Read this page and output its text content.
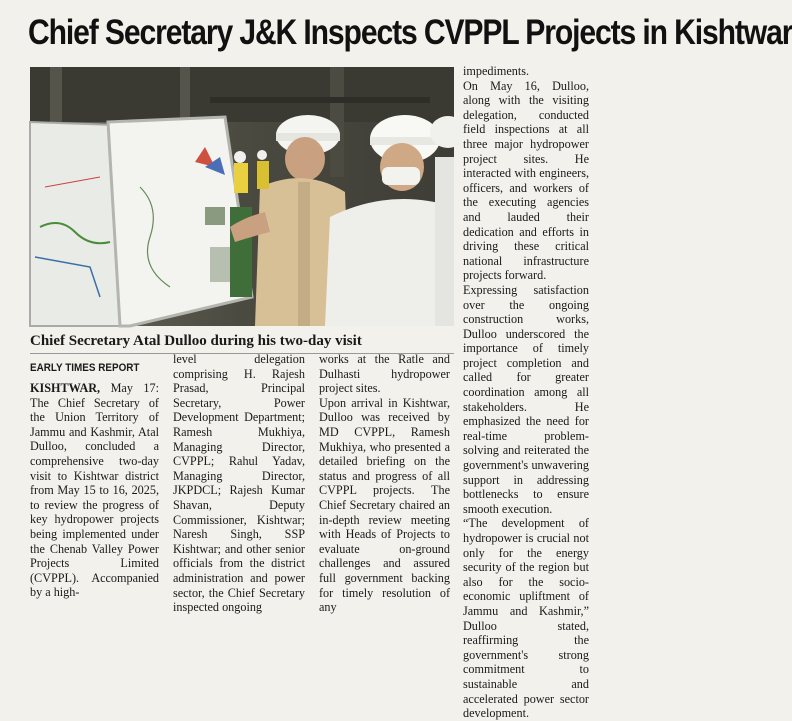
Chief Secretary J&K Inspects CVPPL Projects in Kishtwar
Chief Secretary Atal Dulloo during his two-day visit
EARLY TIMES REPORT

KISHTWAR, May 17: The Chief Secretary of the Union Territory of Jammu and Kashmir, Atal Dulloo, concluded a comprehensive two-day visit to Kishtwar district from May 15 to 16, 2025, to review the progress of key hydropower projects being implemented under the Chenab Valley Power Projects Limited (CVPPL). Accompanied by a high-

level delegation comprising H. Rajesh Prasad, Principal Secretary, Power Development Department; Ramesh Mukhiya, Managing Director, CVPPL; Rahul Yadav, Managing Director, JKPDCL; Rajesh Kumar Shavan, Deputy Commissioner, Kishtwar; Naresh Singh, SSP Kishtwar; and other senior officials from the district administration and power sector, the Chief Secretary inspected ongoing

works at the Ratle and Dulhasti hydropower project sites.

Upon arrival in Kishtwar, Dulloo was received by MD CVPPL, Ramesh Mukhiya, who presented a detailed briefing on the status and progress of all CVPPL projects. The Chief Secretary chaired an in-depth review meeting with Heads of Projects to evaluate on-ground challenges and assured full government backing for timely resolution of any

impediments.

On May 16, Dulloo, along with the visiting delegation, conducted field inspections at all three major hydropower project sites. He interacted with engineers, officers, and workers of the executing agencies and lauded their dedication and efforts in driving these critical national infrastructure projects forward.

Expressing satisfaction over the ongoing construction works, Dulloo underscored the importance of timely project completion and called for greater coordination among all stakeholders. He emphasized the need for real-time problem-solving and reiterated the government's unwavering support in addressing bottlenecks to ensure smooth execution.

“The development of hydropower is crucial not only for the energy security of the region but also for the socio-economic upliftment of Jammu and Kashmir,” Dulloo stated, reaffirming the government's strong commitment to sustainable and accelerated power sector development.
